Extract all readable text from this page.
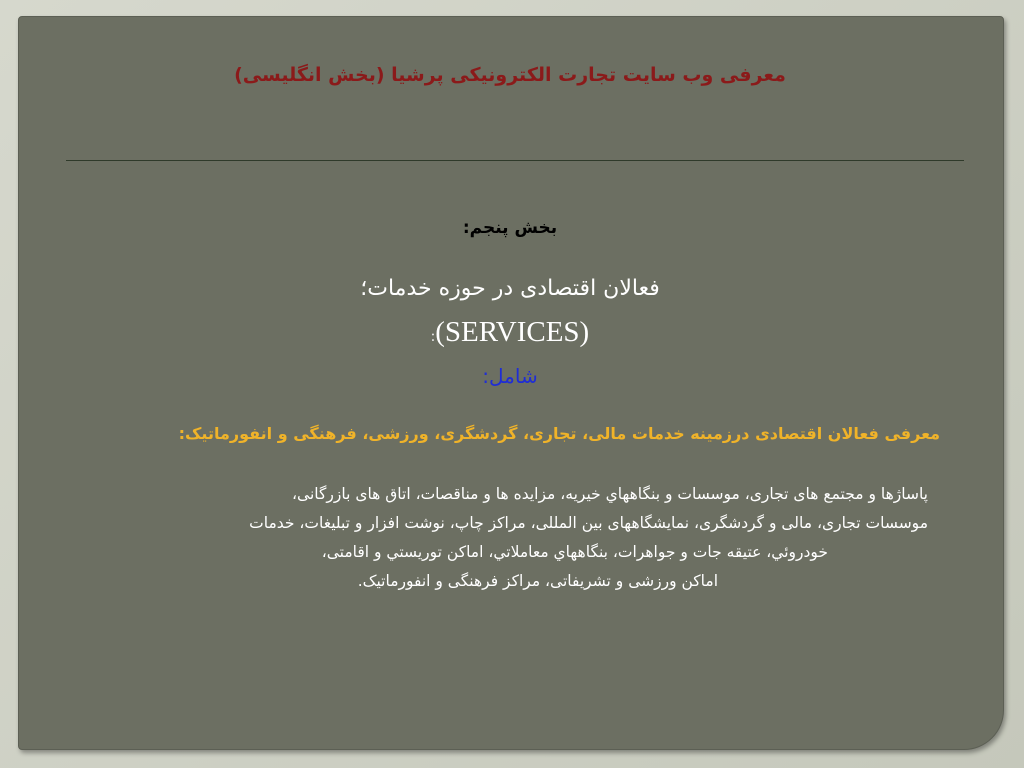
معرفی وب سایت تجارت الکترونیکی پرشیا (بخش انگلیسی)
بخش پنجم:
فعالان اقتصادی در حوزه خدمات؛
:(SERVICES)
شامل:
معرفی فعالان اقتصادی درزمینه خدمات مالی، تجاری، گردشگری، ورزشی، فرهنگی و انفورماتیک:
پاساژها و مجتمع های تجاری، موسسات و بنگاههاي خيريه، مزايده ها و مناقصات، اتاق های بازرگانی،
موسسات تجاری، مالی و گردشگری، نمایشگاههای بین المللی، مراکز چاپ، نوشت افزار و تبلیغات، خدمات
خودروئي، عتيقه جات و جواهرات، بنگاههاي معاملاتي، اماكن توريستي و اقامتی،
اماکن ورزشی و تشریفاتی، مراکز فرهنگی و انفورماتیک.
